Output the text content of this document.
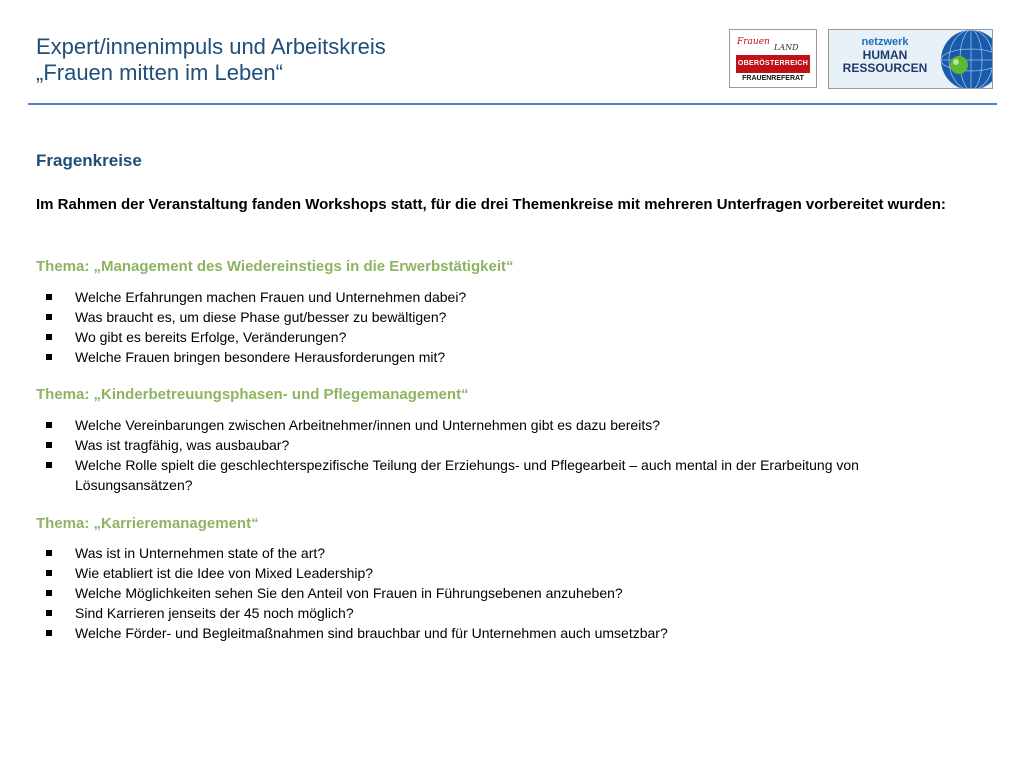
Expert/innenimpuls und Arbeitskreis
„Frauen mitten im Leben“
Frauen
LAND
OBERÖSTERREICH
FRAUENREFERAT
netzwerk
HUMAN
RESSOURCEN
Fragenkreise
Im Rahmen der Veranstaltung fanden Workshops statt, für die drei Themenkreise mit mehreren Unterfragen vorbereitet wurden:
Thema: „Management des Wiedereinstiegs in die Erwerbstätigkeit“
Welche Erfahrungen machen Frauen und Unternehmen dabei?
Was braucht es, um diese Phase gut/besser zu bewältigen?
Wo gibt es bereits Erfolge, Veränderungen?
Welche Frauen bringen besondere Herausforderungen mit?
Thema: „Kinderbetreuungsphasen- und Pflegemanagement“
Welche Vereinbarungen zwischen Arbeitnehmer/innen und Unternehmen gibt es dazu bereits?
Was ist tragfähig, was ausbaubar?
Welche Rolle spielt die geschlechterspezifische Teilung der Erziehungs- und Pflegearbeit – auch mental in der Erarbeitung von Lösungsansätzen?
Thema: „Karrieremanagement“
Was ist in Unternehmen state of the art?
Wie etabliert ist die Idee von Mixed Leadership?
Welche Möglichkeiten sehen Sie den Anteil von Frauen in Führungsebenen anzuheben?
Sind Karrieren jenseits der 45 noch möglich?
Welche Förder- und Begleitmaßnahmen sind brauchbar und für Unternehmen auch umsetzbar?
